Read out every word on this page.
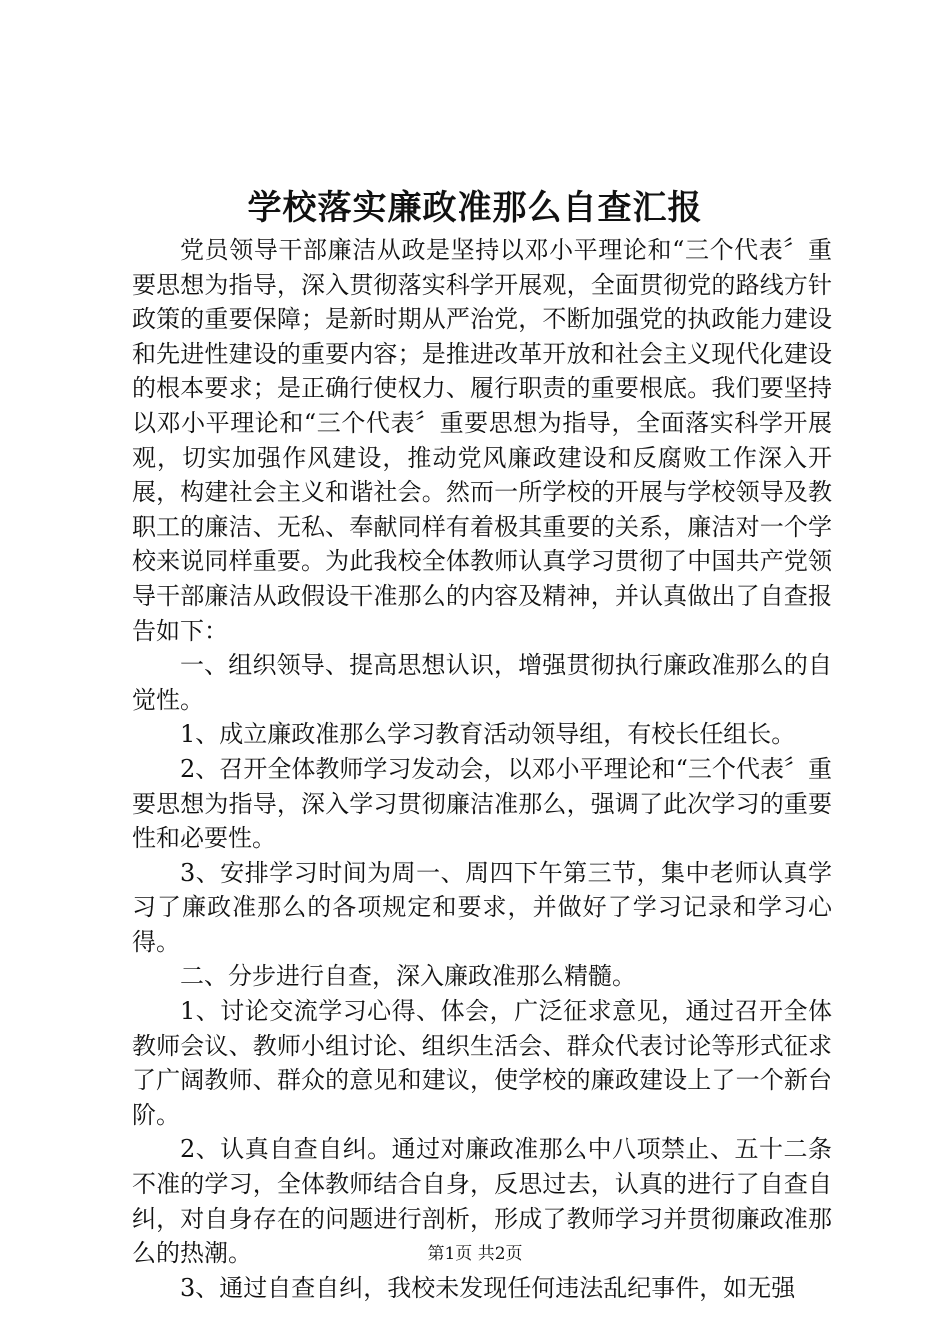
学校落实廉政准那么自查汇报

党员领导干部廉洁从政是坚持以邓小平理论和“三个代表〞重要思想为指导，深入贯彻落实科学开展观，全面贯彻党的路线方针政策的重要保障；是新时期从严治党，不断加强党的执政能力建设和先进性建设的重要内容；是推进改革开放和社会主义现代化建设的根本要求；是正确行使权力、履行职责的重要根底。我们要坚持以邓小平理论和“三个代表〞重要思想为指导，全面落实科学开展观，切实加强作风建设，推动党风廉政建设和反腐败工作深入开展，构建社会主义和谐社会。然而一所学校的开展与学校领导及教职工的廉洁、无私、奉献同样有着极其重要的关系，廉洁对一个学校来说同样重要。为此我校全体教师认真学习贯彻了中国共产党领导干部廉洁从政假设干准那么的内容及精神，并认真做出了自查报告如下：

一、组织领导、提高思想认识，增强贯彻执行廉政准那么的自觉性。

1、成立廉政准那么学习教育活动领导组，有校长任组长。

2、召开全体教师学习发动会，以邓小平理论和“三个代表〞重要思想为指导，深入学习贯彻廉洁准那么，强调了此次学习的重要性和必要性。

3、安排学习时间为周一、周四下午第三节，集中老师认真学习了廉政准那么的各项规定和要求，并做好了学习记录和学习心得。

二、分步进行自查，深入廉政准那么精髓。

1、讨论交流学习心得、体会，广泛征求意见，通过召开全体教师会议、教师小组讨论、组织生活会、群众代表讨论等形式征求了广阔教师、群众的意见和建议，使学校的廉政建设上了一个新台阶。

2、认真自查自纠。通过对廉政准那么中八项禁止、五十二条不准的学习，全体教师结合自身，反思过去，认真的进行了自查自纠，对自身存在的问题进行剖析，形成了教师学习并贯彻廉政准那么的热潮。

3、通过自查自纠，我校未发现任何违法乱纪事件，如无强

第1页 共2页
